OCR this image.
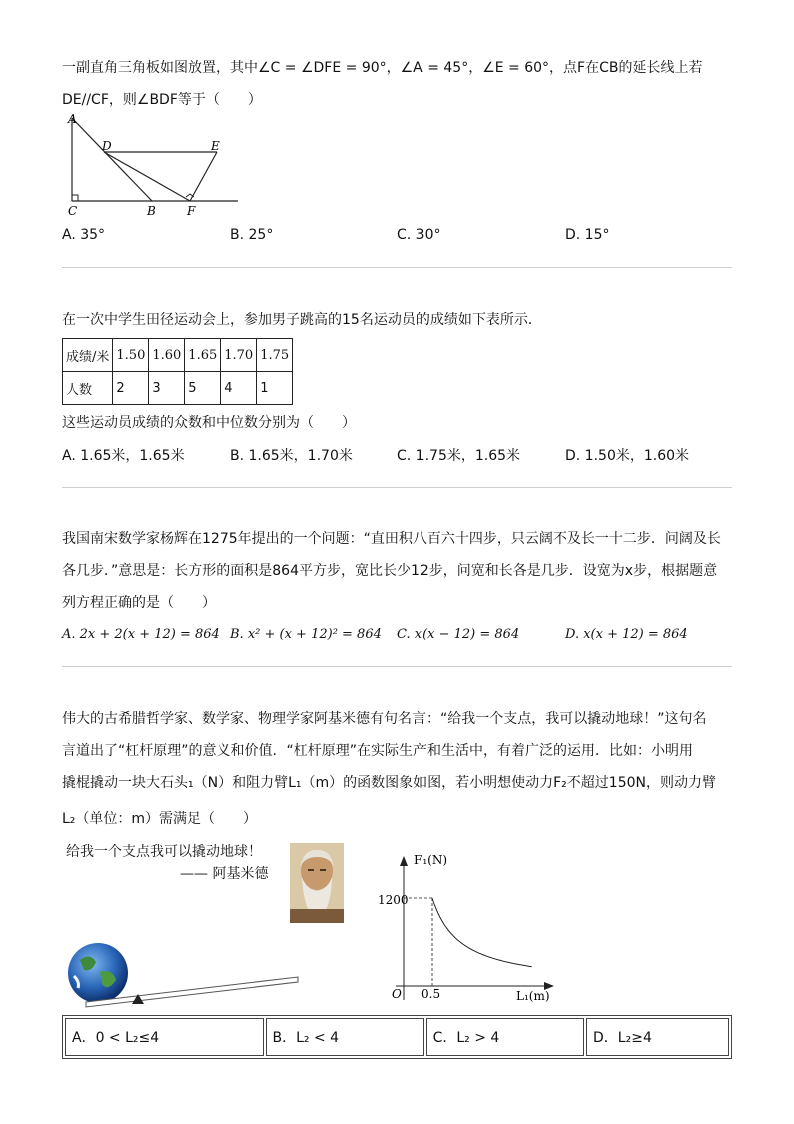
一副直角三角板如图放置，其中∠C = ∠DFE = 90°，∠A = 45°，∠E = 60°，点F在CB的延长线上若
DE//CF，则∠BDF等于（　　）
A
D	E
C	B	F
A. 35°	B. 25°	C. 30°	D. 15°
在一次中学生田径运动会上，参加男子跳高的15名运动员的成绩如下表所示．
成绩/米	1.50	1.60	1.65	1.70	1.75
人数	2	3	5	4	1
这些运动员成绩的众数和中位数分别为（　　）
A. 1.65米，1.65米	B. 1.65米，1.70米	C. 1.75米，1.65米	D. 1.50米，1.60米
我国南宋数学家杨辉在1275年提出的一个问题：“直田积八百六十四步，只云阔不及长一十二步．问阔及长
各几步．”意思是：长方形的面积是864平方步，宽比长少12步，问宽和长各是几步．设宽为x步，根据题意
列方程正确的是（　　）
A. 2x + 2(x + 12) = 864 B. x² + (x + 12)² = 864 C. x(x − 12) = 864	D. x(x + 12) = 864
伟大的古希腊哲学家、数学家、物理学家阿基米德有句名言：“给我一个支点，我可以撬动地球！”这句名
言道出了“杠杆原理”的意义和价值．“杠杆原理”在实际生产和生活中，有着广泛的运用．比如：小明用
撬棍撬动一块大石头₁（N）和阻力臂L₁（m）的函数图象如图，若小明想使动力F₂不超过150N，则动力臂
L₂（单位：m）需满足（　　）
给我一个支点我可以撬动地球！
—— 阿基米德
F₁(N)
L₁(m)
O
1200
0.5
A．0 < L₂≤4	B．L₂ < 4	C．L₂ > 4	D．L₂≥4
